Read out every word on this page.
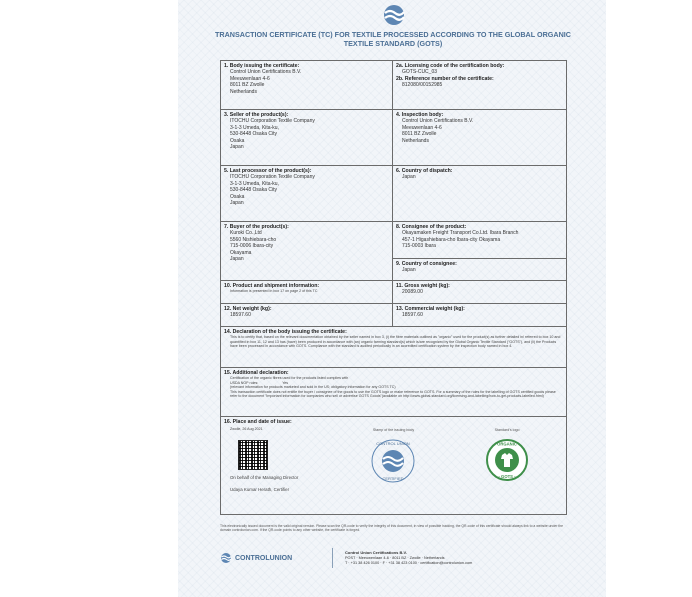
TRANSACTION CERTIFICATE (TC) FOR TEXTILE PROCESSED ACCORDING TO THE GLOBAL ORGANIC TEXTILE STANDARD (GOTS)
1. Body issuing the certificate:
Control Union Certifications B.V.
Meeuwenlaan 4-6
8011 BZ Zwolle
Netherlands
2a. Licensing code of the certification body:
GOTS-CUC_03
2b. Reference number of the certificate:
812080/00152985
3. Seller of the product(s):
ITOCHU Corporation Textile Company
3-1-3 Umeda, Kita-ku,
530-8448 Osaka City
Osaka
Japan
4. Inspection body:
Control Union Certifications B.V.
Meeuwenlaan 4-6
8011 BZ Zwolle
Netherlands
5. Last processor of the product(s):
ITOCHU Corporation Textile Company
3-1-3 Umeda, Kita-ku,
530-8448 Osaka City
Osaka
Japan
6. Country of dispatch:
Japan
7. Buyer of the product(s):
Kuroki Co.,Ltd
5560 Nishiebara-cho
715-0006 Ibara-city
Okayama
Japan
8. Consignee of the product:
Okayamaken Freight Transport Co.Ltd. Ibara Branch
457-1 Higashiebara-cho Ibara-city Okayama
715-0003 Ibara
9. Country of consignee:
Japan
10. Product and shipment information:
Information is presented in box 17 on page 2 of this TC
11. Gross weight (kg):
20089.00
12. Net weight (kg):
18597.60
13. Commercial weight (kg):
18597.60
14. Declaration of the body issuing the certificate:
This is to certify that, based on the relevant documentation obtained by the seller named in box 3, (i) the fibre materials outlined as "organic" used for the product(s) as further detailed in/ referred to box 10 and quantified in box 11, 12 and 13 has (have) been produced in accordance with (an) organic farming standard(s) which is/are recognized by the Global Organic Textile Standard ("GOTS"), and (ii) the Products have been processed in accordance with GOTS. Compliance with the standard is audited periodically in an accredited certification system by the inspection body named in box 4.
15. Additional declaration:
Certification of the organic fibres used for the products listed complies with
USDA NOP rules:                        Yes
(relevant information for products marketed and sold in the US; obligatory information for any GOTS TC)
This transaction certificate does not entitle the buyer / consignee of the goods to use the GOTS logo or make reference to GOTS. For a summary of the rules for the labelling of GOTS certified goods please refer to the document "Important information for companies who sell or advertise GOTS Goods"(available on http://www.global-standard.org/licensing-and-labelling/how-to-get-products-labelled.html)
16. Place and date of issue:
Zwolle, 26 Aug 2021
On behalf of the Managing Director
Udaya Kumar Herath, Certifier
Stamp of the issuing body
CONTROL UNION
CERTIFIED
Standard's logo
ORGANIC
- GOTS -
This electronically issued document is the valid original version. Please scan the QR-code to verify the integrity of this document, in view of possible hacking, the QR-code of this certificate should always link to a website under the domain controlunion.com. If the QR-code points to any other website, the certificate is forged.
CONTROLUNION
Control Union Certifications B.V.
POST · Meeuwenlaan 4-6 · 8011 BZ · Zwolle · Netherlands
T · +31 38 426 0100 · F · +31 38 423 0100 · certification@controlunion.com
